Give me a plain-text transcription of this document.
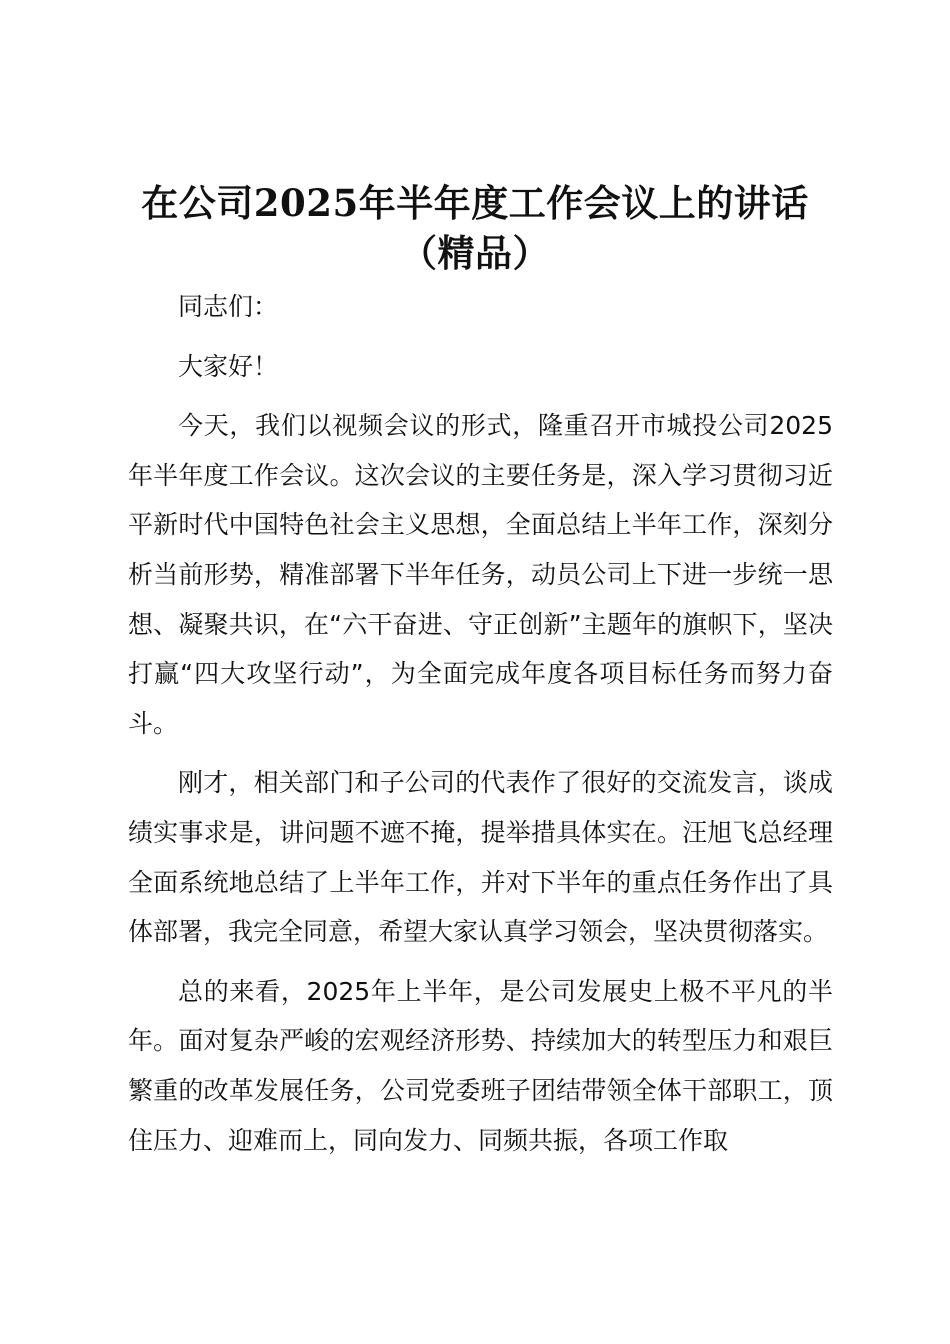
在公司2025年半年度工作会议上的讲话（精品）

同志们：

大家好！

今天，我们以视频会议的形式，隆重召开市城投公司2025年半年度工作会议。这次会议的主要任务是，深入学习贯彻习近平新时代中国特色社会主义思想，全面总结上半年工作，深刻分析当前形势，精准部署下半年任务，动员公司上下进一步统一思想、凝聚共识，在“六干奋进、守正创新”主题年的旗帜下，坚决打赢“四大攻坚行动”，为全面完成年度各项目标任务而努力奋斗。

刚才，相关部门和子公司的代表作了很好的交流发言，谈成绩实事求是，讲问题不遮不掩，提举措具体实在。汪旭飞总经理全面系统地总结了上半年工作，并对下半年的重点任务作出了具体部署，我完全同意，希望大家认真学习领会，坚决贯彻落实。

总的来看，2025年上半年，是公司发展史上极不平凡的半年。面对复杂严峻的宏观经济形势、持续加大的转型压力和艰巨繁重的改革发展任务，公司党委班子团结带领全体干部职工，顶住压力、迎难而上，同向发力、同频共振，各项工作取
